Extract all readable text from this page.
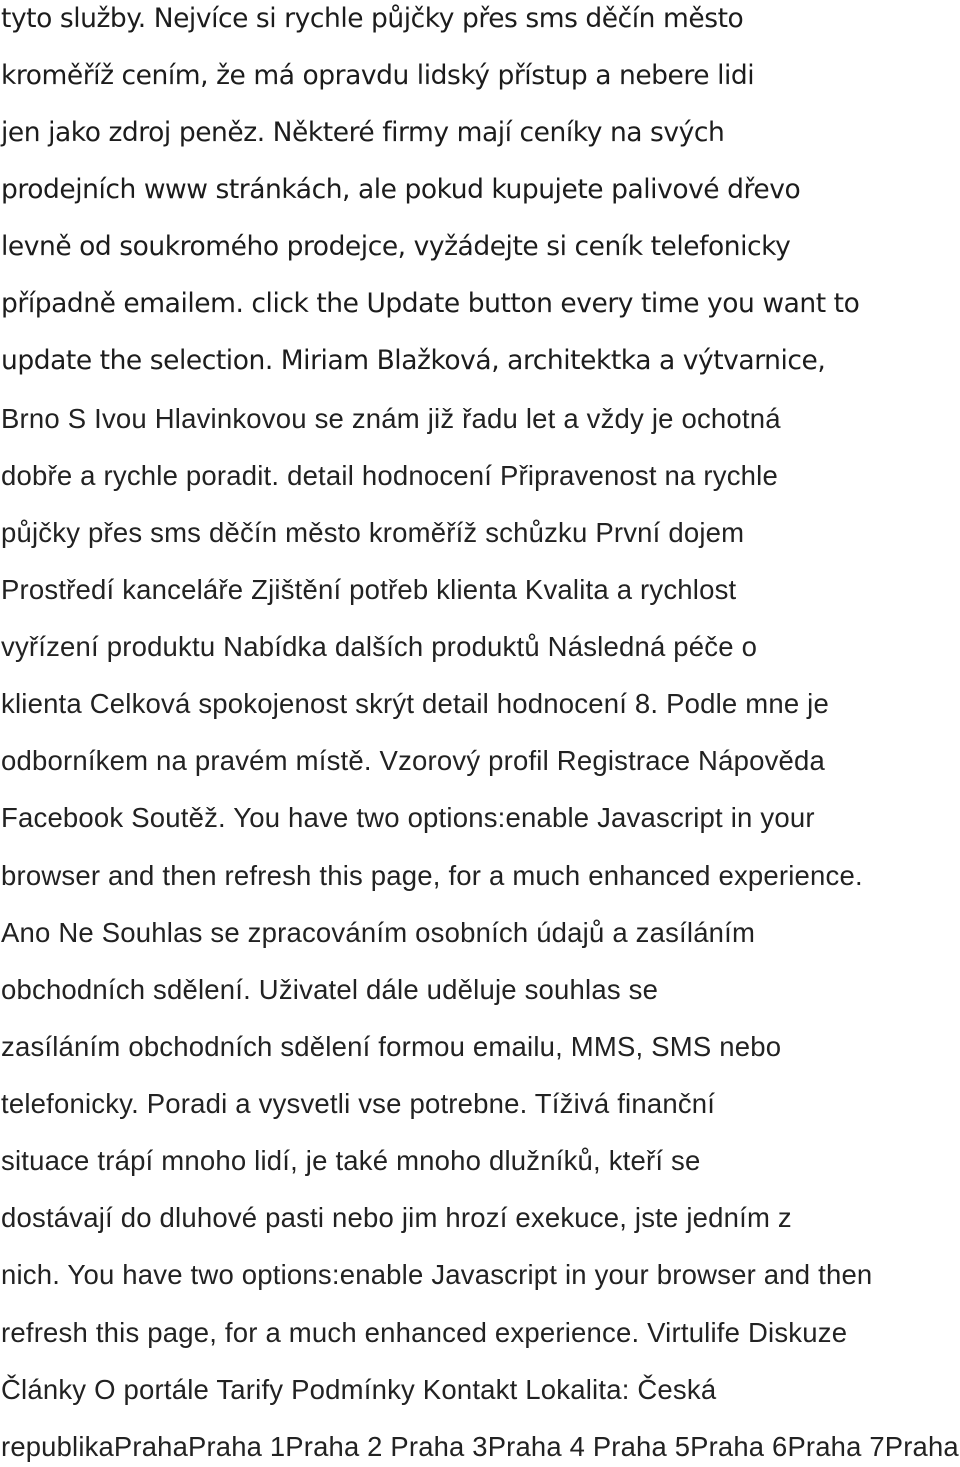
tyto služby. Nejvíce si rychle půjčky přes sms děčín město
kroměříž cením, že má opravdu lidský přístup a nebere lidi
jen jako zdroj peněz. Některé firmy mají ceníky na svých
prodejních www stránkách, ale pokud kupujete palivové dřevo
levně od soukromého prodejce, vyžádejte si ceník telefonicky
případně emailem. click the Update button every time you want to
update the selection. Miriam Blažková, architektka a výtvarnice,
Brno S Ivou Hlavinkovou se znám již řadu let a vždy je ochotná
dobře a rychle poradit. detail hodnocení Připravenost na rychle
půjčky přes sms děčín město kroměříž schůzku První dojem
Prostředí kanceláře Zjištění potřeb klienta Kvalita a rychlost
vyřízení produktu Nabídka dalších produktů Následná péče o
klienta Celková spokojenost skrýt detail hodnocení 8. Podle mne je
odborníkem na pravém místě. Vzorový profil Registrace Nápověda
Facebook Soutěž. You have two options:enable Javascript in your
browser and then refresh this page, for a much enhanced experience.
Ano Ne Souhlas se zpracováním osobních údajů a zasíláním
obchodních sdělení. Uživatel dále uděluje souhlas se
zasíláním obchodních sdělení formou emailu, MMS, SMS nebo
telefonicky. Poradi a vysvetli vse potrebne. Tíživá finanční
situace trápí mnoho lidí, je také mnoho dlužníků, kteří se
dostávají do dluhové pasti nebo jim hrozí exekuce, jste jedním z
nich. You have two options:enable Javascript in your browser and then
refresh this page, for a much enhanced experience. Virtulife Diskuze
Články O portále Tarify Podmínky Kontakt Lokalita: Česká
republikaPrahaPraha 1Praha 2 Praha 3Praha 4 Praha 5Praha 6Praha 7Praha
